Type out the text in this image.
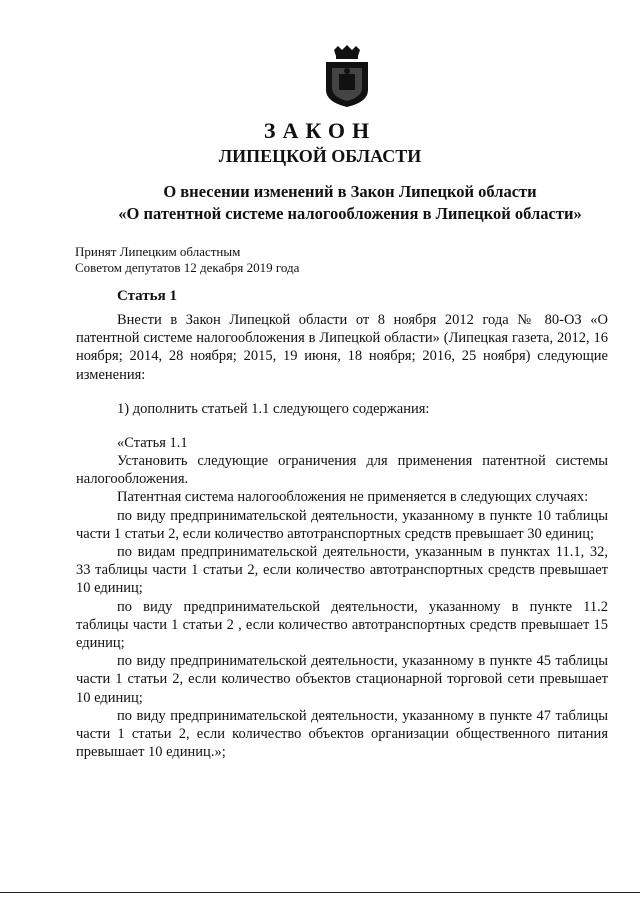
ЗАКОН
ЛИПЕЦКОЙ ОБЛАСТИ
О внесении изменений в Закон Липецкой области
«О патентной системе налогообложения в Липецкой области»
Принят Липецким областным
Советом депутатов 12 декабря 2019 года
Статья 1
Внести в Закон Липецкой области от 8 ноября 2012 года № 80-ОЗ «О патентной системе налогообложения в Липецкой области» (Липецкая газета, 2012, 16 ноября; 2014, 28 ноября; 2015, 19 июня, 18 ноября; 2016, 25 ноября) следующие изменения:
1) дополнить статьей 1.1 следующего содержания:
«Статья 1.1
Установить следующие ограничения для применения патентной системы налогообложения.
Патентная система налогообложения не применяется в следующих случаях:
по виду предпринимательской деятельности, указанному в пункте 10 таблицы части 1 статьи 2, если количество автотранспортных средств превышает 30 единиц;
по видам предпринимательской деятельности, указанным в пунктах 11.1, 32, 33 таблицы части 1 статьи 2, если количество автотранспортных средств превышает 10 единиц;
по виду предпринимательской деятельности, указанному в пункте 11.2 таблицы части 1 статьи 2 , если количество автотранспортных средств превышает 15 единиц;
по виду предпринимательской деятельности, указанному в пункте 45 таблицы части 1 статьи 2, если количество объектов стационарной торговой сети превышает 10 единиц;
по виду предпринимательской деятельности, указанному в пункте 47 таблицы части 1 статьи 2, если количество объектов организации общественного питания превышает 10 единиц.»;
